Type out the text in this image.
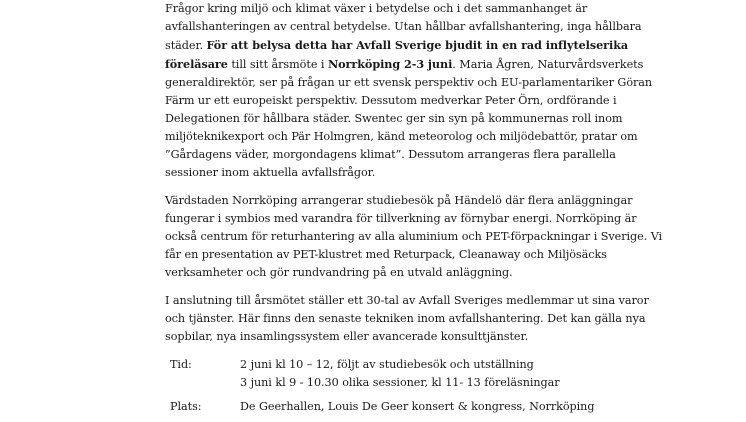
Frågor kring miljö och klimat växer i betydelse och i det sammanhanget är avfallshanteringen av central betydelse. Utan hållbar avfallshantering, inga hållbara städer. För att belysa detta har Avfall Sverige bjudit in en rad inflytelserika föreläsare till sitt årsmöte i Norrköping 2-3 juni. Maria Ågren, Naturvårdsverkets generaldirektör, ser på frågan ur ett svensk perspektiv och EU-parlamentariker Göran Färm ur ett europeiskt perspektiv. Dessutom medverkar Peter Örn, ordförande i Delegationen för hållbara städer. Swentec ger sin syn på kommunernas roll inom miljöteknikexport och Pär Holmgren, känd meteorolog och miljödebattör, pratar om ”Gårdagens väder, morgondagens klimat”. Dessutom arrangeras flera parallella sessioner inom aktuella avfallsfrågor.

Värdstaden Norrköping arrangerar studiebesök på Händelö där flera anläggningar fungerar i symbios med varandra för tillverkning av förnybar energi. Norrköping är också centrum för returhantering av alla aluminium och PET-förpackningar i Sverige. Vi får en presentation av PET-klustret med Returpack, Cleanaway och Miljösäcks verksamheter och gör rundvandring på en utvald anläggning.

I anslutning till årsmötet ställer ett 30-tal av Avfall Sveriges medlemmar ut sina varor och tjänster. Här finns den senaste tekniken inom avfallshantering. Det kan gälla nya sopbilar, nya insamlingssystem eller avancerade konsulttjänster.

Tid:	2 juni kl 10 – 12, följt av studiebesök och utställning
3 juni kl 9 - 10.30 olika sessioner, kl 11- 13 föreläsningar
Plats:	De Geerhallen, Louis De Geer konsert & kongress, Norrköping
